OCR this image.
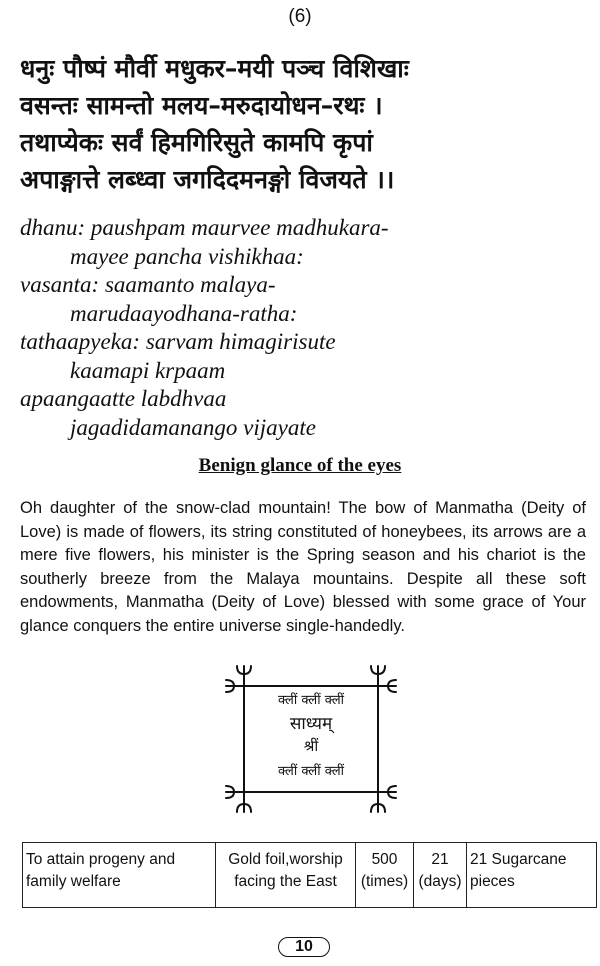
(6)
धनुः पौष्पं मौर्वी मधुकर–मयी पञ्च विशिखाः
वसन्तः सामन्तो मलय–मरुदायोधन–रथः ।
तथाप्येकः सर्वं हिमगिरिसुते कामपि कृपां
अपाङ्गात्ते लब्ध्वा जगदिदमनङ्गो विजयते ।।
dhanu: paushpam maurvee madhukara-
mayee pancha vishikhaa:
vasanta: saamanto malaya-
marudaayodhana-ratha:
tathaapyeka: sarvam himagirisute
kaamapi krpaam
apaangaatte labdhvaa
jagadidamanango vijayate
Benign glance of the eyes
Oh daughter of the snow-clad mountain! The bow of Manmatha (Deity of Love) is made of flowers, its string constituted of honeybees, its arrows are a mere five flowers, his minister is the Spring season and his chariot is the southerly breeze from the Malaya mountains. Despite all these soft endowments, Manmatha (Deity of Love) blessed with some grace of Your glance conquers the entire universe single-handedly.
क्लीं क्लीं क्लीं
साध्यम्
श्रीं
क्लीं क्लीं क्लीं
To attain progeny and family welfare	Gold foil,worship facing the East	500 (times)	21 (days)	21 Sugarcane pieces
10
